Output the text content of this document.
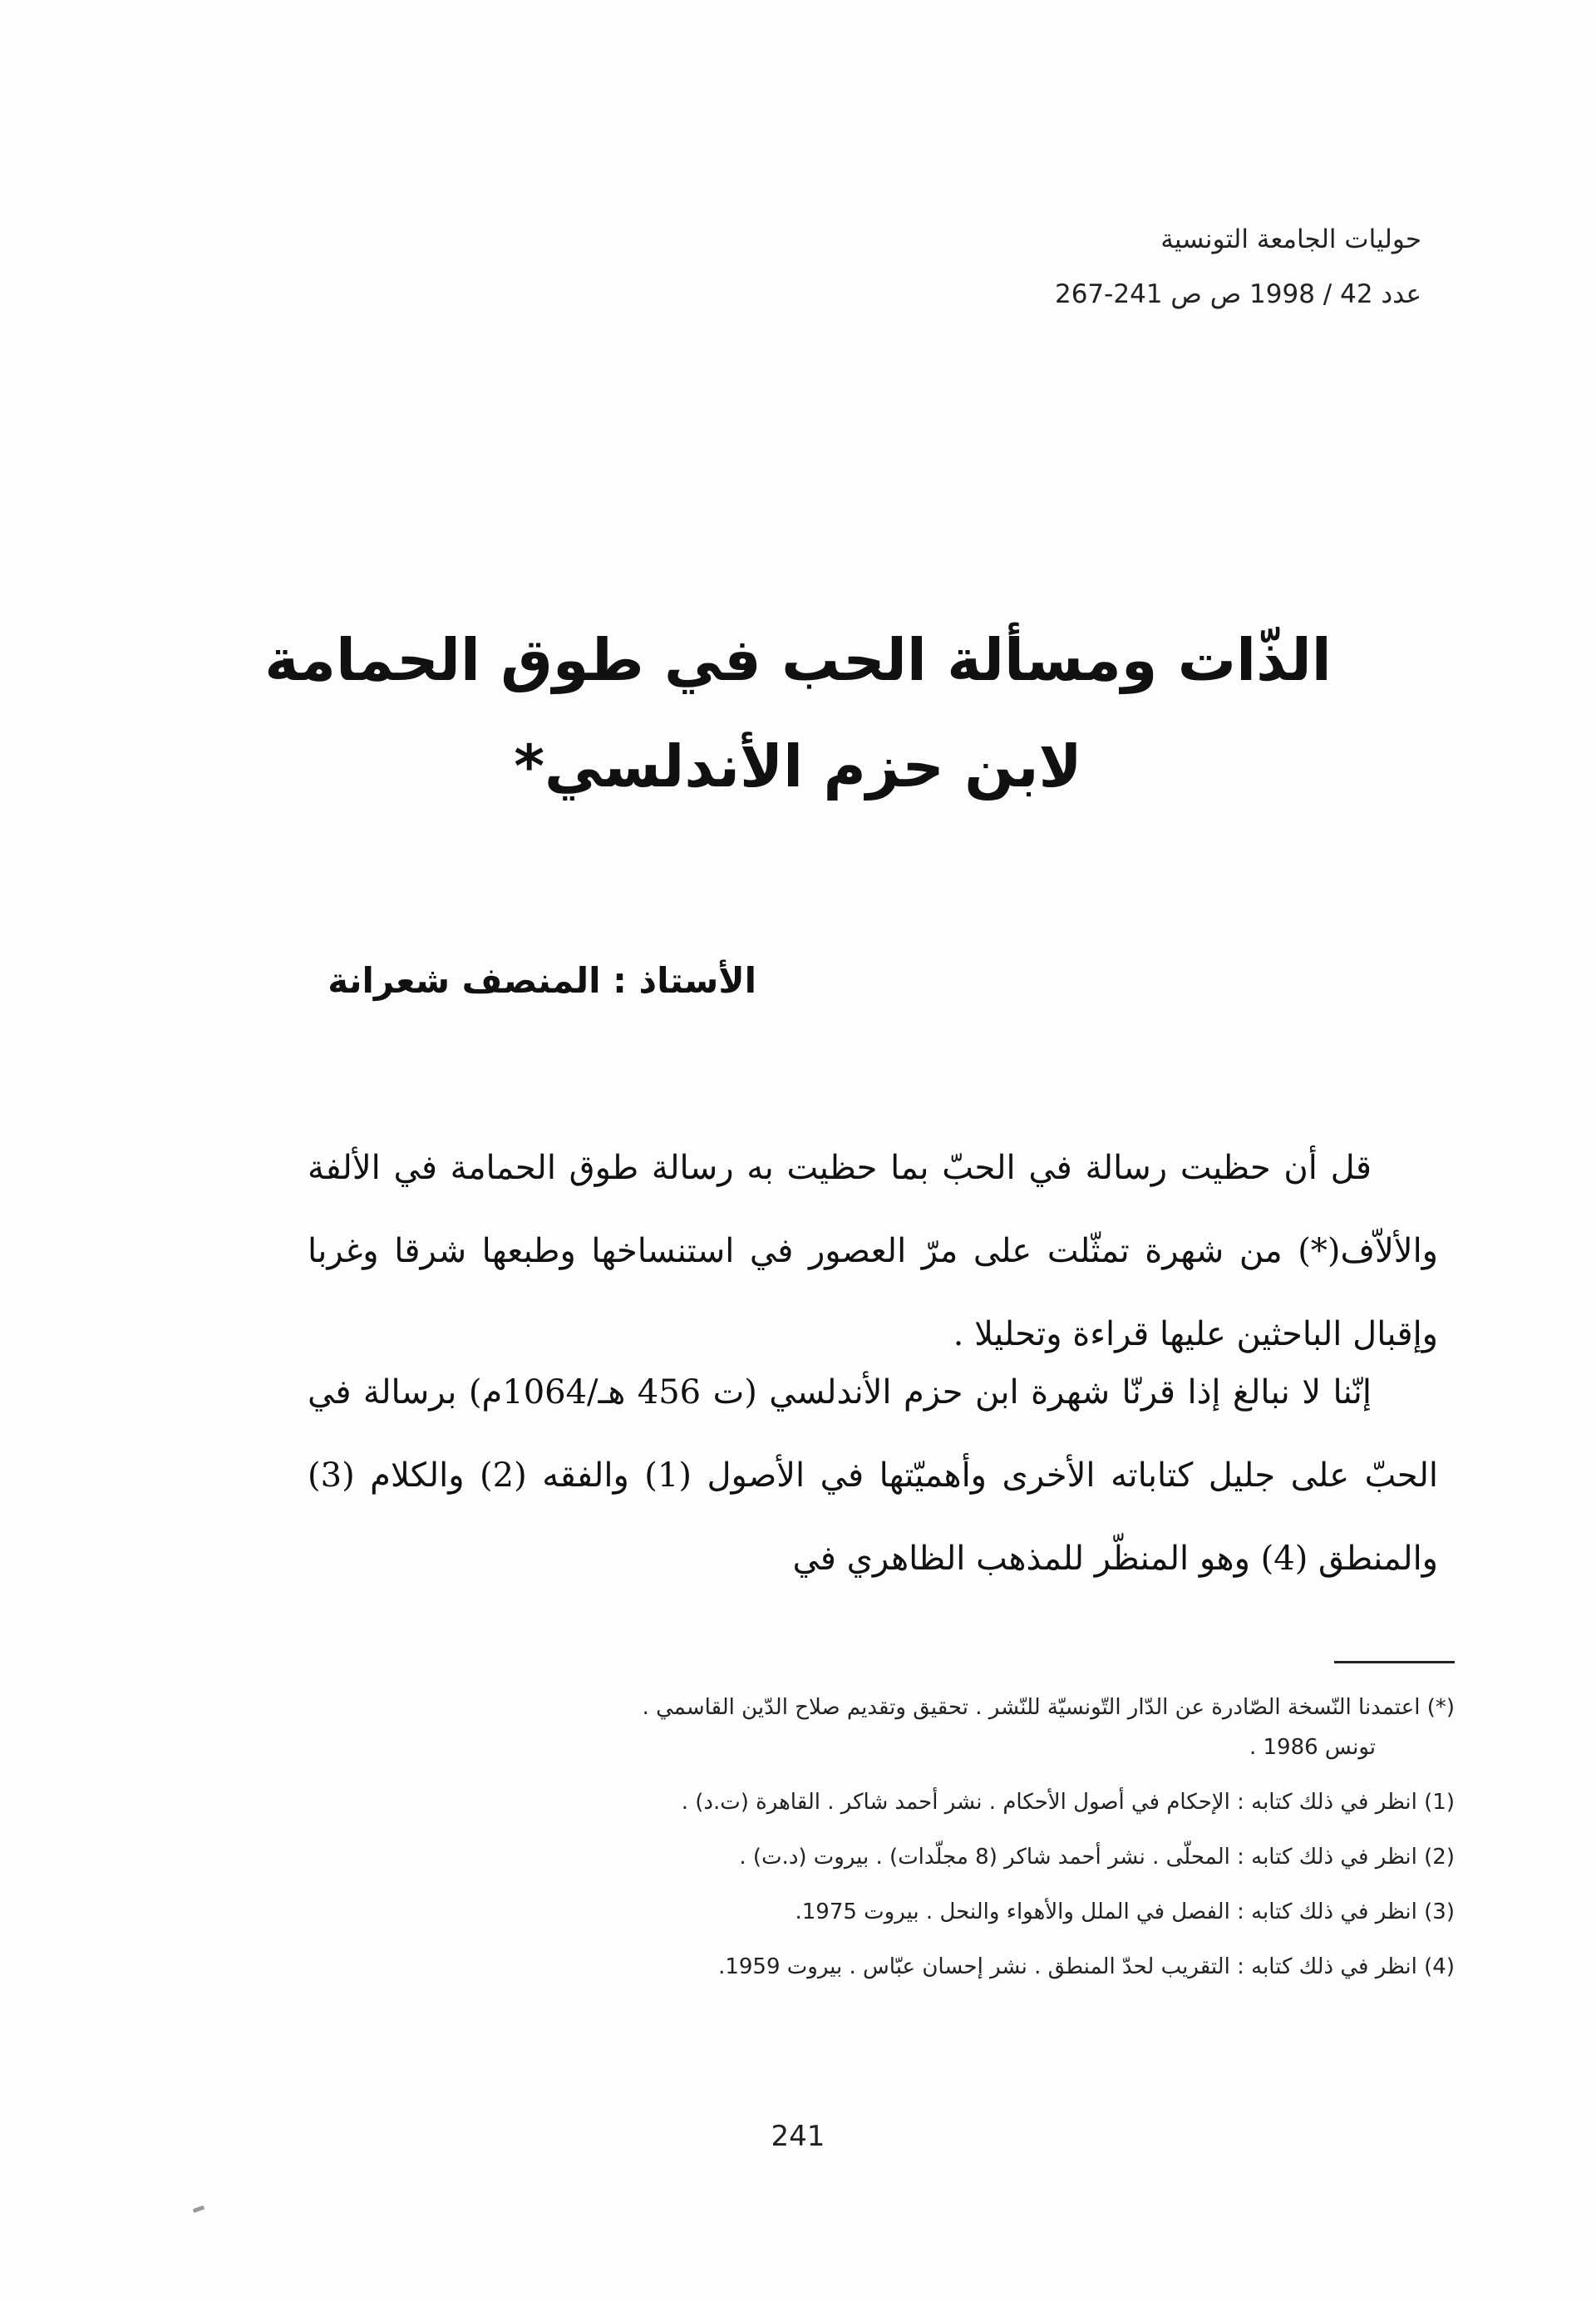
حوليات الجامعة التونسية
عدد 42 / 1998 ص ص 241-267
الذّات ومسألة الحب في طوق الحمامة
لابن حزم الأندلسي*
الأستاذ : المنصف شعرانة

قل أن حظيت رسالة في الحبّ بما حظيت به رسالة طوق الحمامة في الألفة والألاّف(*) من شهرة تمثّلت على مرّ العصور في استنساخها وطبعها شرقا وغربا وإقبال الباحثين عليها قراءة وتحليلا .

إنّنا لا نبالغ إذا قرنّا شهرة ابن حزم الأندلسي (ت 456 هـ/1064م) برسالة في الحبّ على جليل كتاباته الأخرى وأهميّتها في الأصول (1) والفقه (2) والكلام (3) والمنطق (4) وهو المنظّر للمذهب الظاهري في

(*) اعتمدنا النّسخة الصّادرة عن الدّار التّونسيّة للنّشر . تحقيق وتقديم صلاح الدّين القاسمي .
تونس 1986 .
(1) انظر في ذلك كتابه : الإحكام في أصول الأحكام . نشر أحمد شاكر . القاهرة (ت.د) .
(2) انظر في ذلك كتابه : المحلّى . نشر أحمد شاكر (8 مجلّدات) . بيروت (د.ت) .
(3) انظر في ذلك كتابه : الفصل في الملل والأهواء والنحل . بيروت 1975.
(4) انظر في ذلك كتابه : التقريب لحدّ المنطق . نشر إحسان عبّاس . بيروت 1959.
241
